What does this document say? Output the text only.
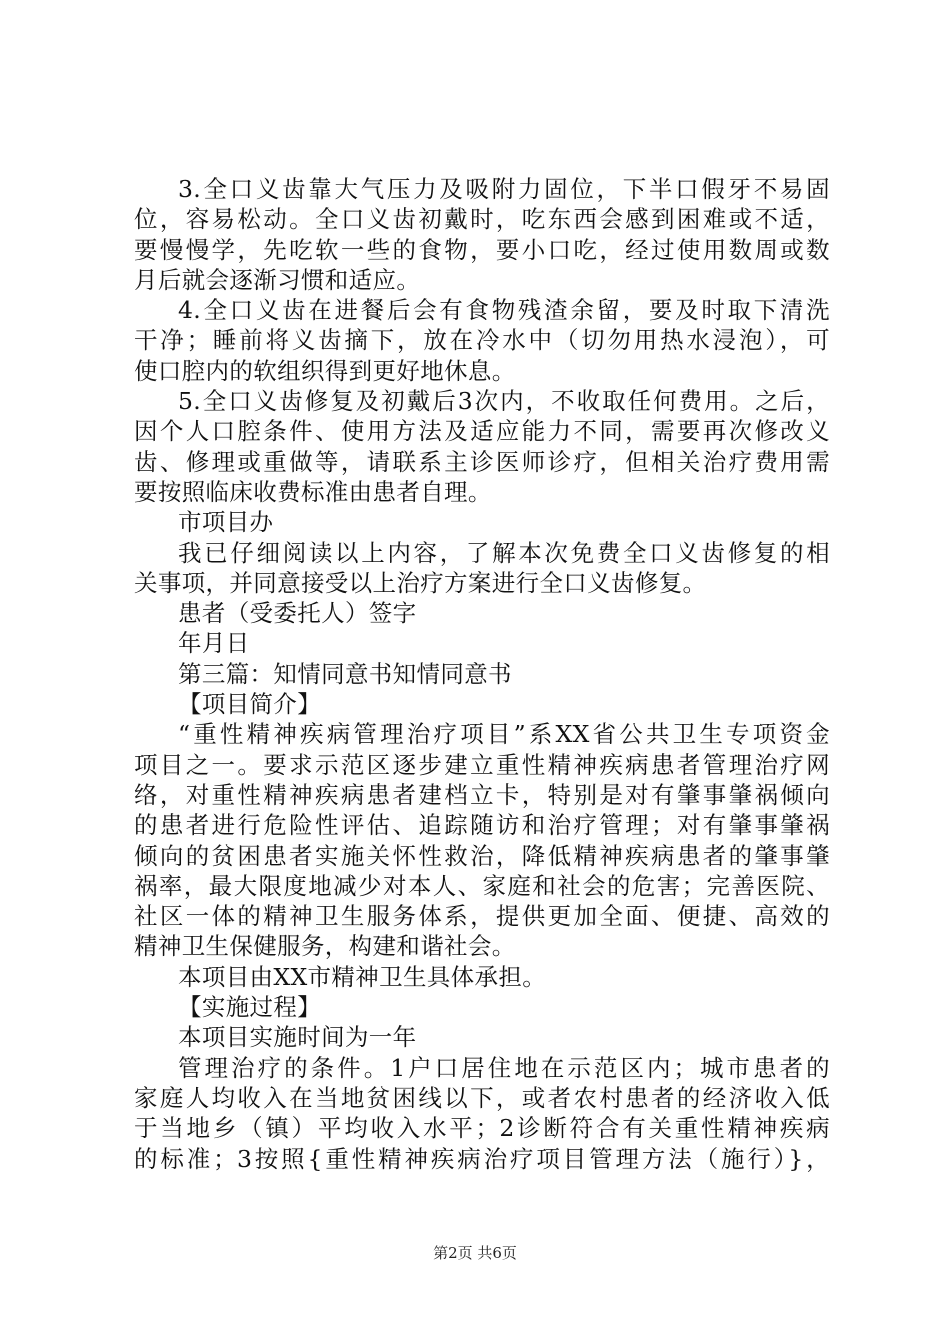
3.全口义齿靠大气压力及吸附力固位，下半口假牙不易固
位，容易松动。全口义齿初戴时，吃东西会感到困难或不适，
要慢慢学，先吃软一些的食物，要小口吃，经过使用数周或数
月后就会逐渐习惯和适应。
4.全口义齿在进餐后会有食物残渣余留，要及时取下清洗
干净；睡前将义齿摘下，放在冷水中（切勿用热水浸泡），可
使口腔内的软组织得到更好地休息。
5.全口义齿修复及初戴后3次内，不收取任何费用。之后，
因个人口腔条件、使用方法及适应能力不同，需要再次修改义
齿、修理或重做等，请联系主诊医师诊疗，但相关治疗费用需
要按照临床收费标准由患者自理。
市项目办
我已仔细阅读以上内容，了解本次免费全口义齿修复的相
关事项，并同意接受以上治疗方案进行全口义齿修复。
患者（受委托人）签字
年月日
第三篇：知情同意书知情同意书
【项目简介】
“重性精神疾病管理治疗项目”系XX省公共卫生专项资金
项目之一。要求示范区逐步建立重性精神疾病患者管理治疗网
络，对重性精神疾病患者建档立卡，特别是对有肇事肇祸倾向
的患者进行危险性评估、追踪随访和治疗管理；对有肇事肇祸
倾向的贫困患者实施关怀性救治，降低精神疾病患者的肇事肇
祸率，最大限度地减少对本人、家庭和社会的危害；完善医院、
社区一体的精神卫生服务体系，提供更加全面、便捷、高效的
精神卫生保健服务，构建和谐社会。
本项目由XX市精神卫生具体承担。
【实施过程】
本项目实施时间为一年
管理治疗的条件。1户口居住地在示范区内；城市患者的
家庭人均收入在当地贫困线以下，或者农村患者的经济收入低
于当地乡（镇）平均收入水平；2诊断符合有关重性精神疾病
的标准；3按照{重性精神疾病治疗项目管理方法（施行）}，
第2页 共6页
